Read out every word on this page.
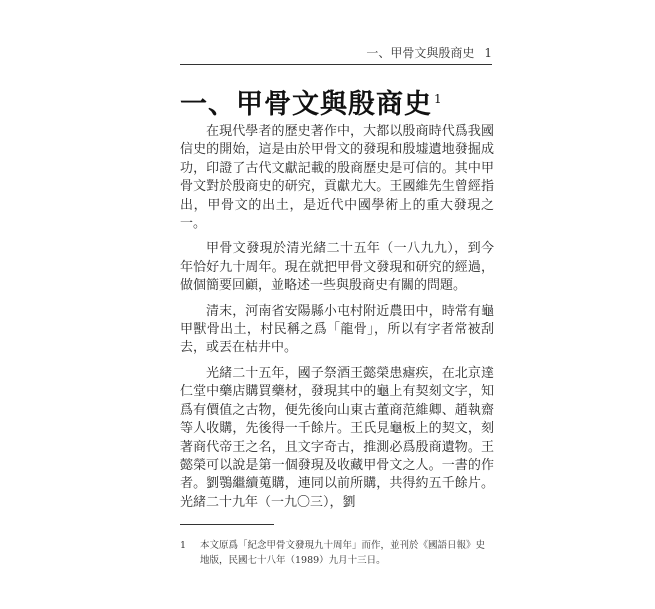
一、甲骨文與殷商史 1
一、甲骨文與殷商史 $^1$

在現代學者的歷史著作中，大都以殷商時代爲我國信史的開始，這是由於甲骨文的發現和殷墟遺地發掘成功，印證了古代文獻記載的殷商歷史是可信的。其中甲骨文對於殷商史的研究，貢獻尤大。王國維先生曾經指出，甲骨文的出土，是近代中國學術上的重大發現之一。

甲骨文發現於清光緒二十五年（一八九九），到今年恰好九十周年。現在就把甲骨文發現和研究的經過，做個簡要回顧，並略述一些與殷商史有關的問題。

清末，河南省安陽縣小屯村附近農田中，時常有龜甲獸骨出土，村民稱之爲「龍骨」，所以有字者常被刮去，或丟在枯井中。

光緒二十五年，國子祭酒王懿榮患瘧疾，在北京達仁堂中藥店購買藥材，發現其中的龜上有契刻文字，知爲有價值之古物，便先後向山東古董商范維卿、趙執齋等人收購，先後得一千餘片。王氏見龜板上的契文，刻著商代帝王之名，且文字奇古，推測必爲殷商遺物。王懿榮可以說是第一個發現及收藏甲骨文之人。一書的作者。劉鶚繼續蒐購，連同以前所購，共得約五千餘片。光緒二十九年（一九〇三），劉

1 本文原爲「紀念甲骨文發現九十周年」而作，並刊於《國語日報》史地版，民國七十八年（1989）九月十三日。
